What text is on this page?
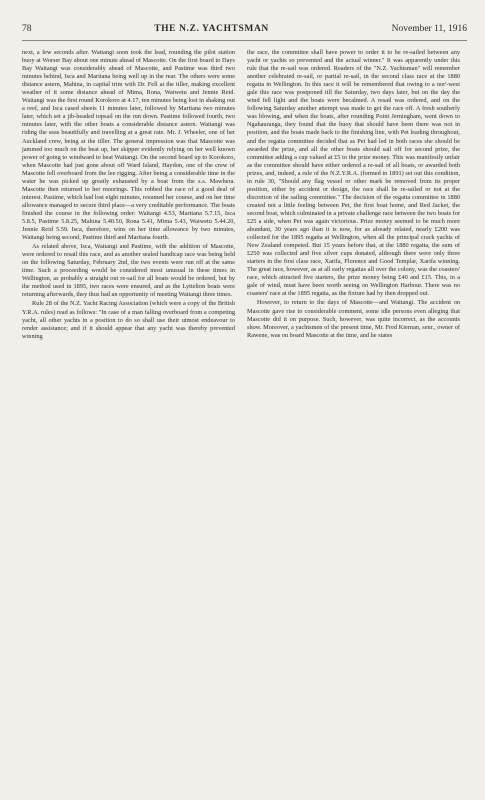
78	THE N.Z. YACHTSMAN	November 11, 1916

next, a few seconds after. Waitangi soon took the lead, rounding the pilot station buoy at Worser Bay about one minute ahead of Mascotte. On the first board to Days Bay Waitangi was considerably ahead of Mascotte, and Pastime was third two minutes behind, Isca and Maritana being well up in the rear. The others were some distance astern, Mahina, in capital trim with Dr. Fell at the tiller, making excellent weather of it some distance ahead of Mima, Rona, Waiwetu and Jennie Reid. Waitangi was the first round Korokoro at 4.17, ten minutes being lost in shaking out a reef, and Isca cased sheets 11 minutes later, followed by Maritana two minutes later, which set a jib-headed topsail on the run down. Pastime followed fourth, two minutes later, with the other boats a considerable distance astern. Waitangi was riding the seas beautifully and travelling at a great rate. Mr. J. Wheeler, one of her Auckland crew, being at the tiller. The general impression was that Mascotte was jammed too much on the beat up, her skipper evidently relying on her well known power of going to windward to beat Waitangi. On the second board up to Korokoro, when Mascotte had just gone about off Ward Island, Haydon, one of the crew of Mascotte fell overboard from the lee rigging. After being a considerable time in the water he was picked up greatly exhausted by a boat from the s.s. Mawhera. Mascotte then returned to her moorings. This robbed the race of a good deal of interest. Pastime, which had lost eight minutes, resumed her course, and on her time allowance managed to secure third place—a very creditable performance. The boats finished the course in the following order: Waitangi 4.53, Maritana 5.7.15, Isca 5.8.5, Pastime 5.8.25, Mahina 5.40.50, Rona 5.41, Mima 5.43, Waiwetu 5.44.20, Jennie Reid 5.59. Isca, therefore, wins on her time allowance by two minutes, Waitangi being second, Pastime third and Maritana fourth.

As related above, Isca, Waitangi and Pastime, with the addition of Mascotte, were ordered to resail this race, and as another sealed handicap race was being held on the following Saturday, February 2nd, the two events were run off at the same time. Such a proceeding would be considered most unusual in these times in Wellington, as probably a straight out re-sail for all boats would be ordered, but by the method used in 1895, two races were ensured, and as the Lyttelton boats were returning afterwards, they thus had an opportunity of meeting Waitangi three times.

Rule 28 of the N.Z. Yacht Racing Association (which were a copy of the British Y.R.A. rules) read as follows: "In case of a man falling overboard from a competing yacht, all other yachts in a position to do so shall use their utmost endeavour to render assistance; and if it should appear that any yacht was thereby prevented winning

the race, the committee shall have power to order it to be re-sailed between any yacht or yachts so prevented and the actual winner." It was apparently under this rule that the re-sail was ordered. Readers of the "N.Z. Yachtsman" will remember another celebrated re-sail, or partial re-sail, in the second class race at the 1880 regatta in Wellington. In this race it will be remembered that owing to a nor'-west gale this race was postponed till the Saturday, two days later, but on the day the wind fell light and the boats were becalmed. A resail was ordered, and on the following Saturday another attempt was made to get the race off. A fresh southerly was blowing, and when the boats, after rounding Point Jerningham, went down to Ngahauranga, they found that the buoy that should have been there was not in position, and the boats made back to the finishing line, with Pet leading throughout, and the regatta committee decided that as Pet had led in both races she should be awarded the prize, and all the other boats should sail off for second prize, the committee adding a cup valued at £5 to the prize money. This was manifestly unfair as the committee should have either ordered a re-sail of all boats, or awarded both prizes, and, indeed, a rule of the N.Z.Y.R.A. (formed in 1891) set out this condition, in rule 30, "Should any flag vessel or other mark be removed from its proper position, either by accident or design, the race shall be re-sailed or not at the discretion of the sailing committee." The decision of the regatta committee in 1880 created not a little feeling between Pet, the first boat home, and Red Jacket, the second boat, which culminated in a private challenge race between the two boats for £25 a side, when Pet was again victorious. Prize money seemed to be much more abundant, 30 years ago than it is now, for as already related, nearly £200 was collected for the 1895 regatta at Wellington, when all the principal crack yachts of New Zealand competed. But 15 years before that, at the 1880 regatta, the sum of £250 was collected and five silver cups donated, although there were only three starters in the first class race, Xarifa, Florence and Good Templar, Xarifa winning. The great race, however, as at all early regattas all over the colony, was the coasters' race, which attracted five starters, the prize money being £40 and £15. This, in a gale of wind, must have been worth seeing on Wellington Harbour. There was no coasters' race at the 1895 regatta, as the fixture had by then dropped out.

However, to return to the days of Mascotte—and Waitangi. The accident on Mascotte gave rise to considerable comment, some idle persons even alleging that Mascotte did it on purpose. Such, however, was quite incorrect, as the accounts show. Moreover, a yachtsmen of the present time, Mr. Fred Kiernan, senr., owner of Rawene, was on board Mascotte at the time, and he states
